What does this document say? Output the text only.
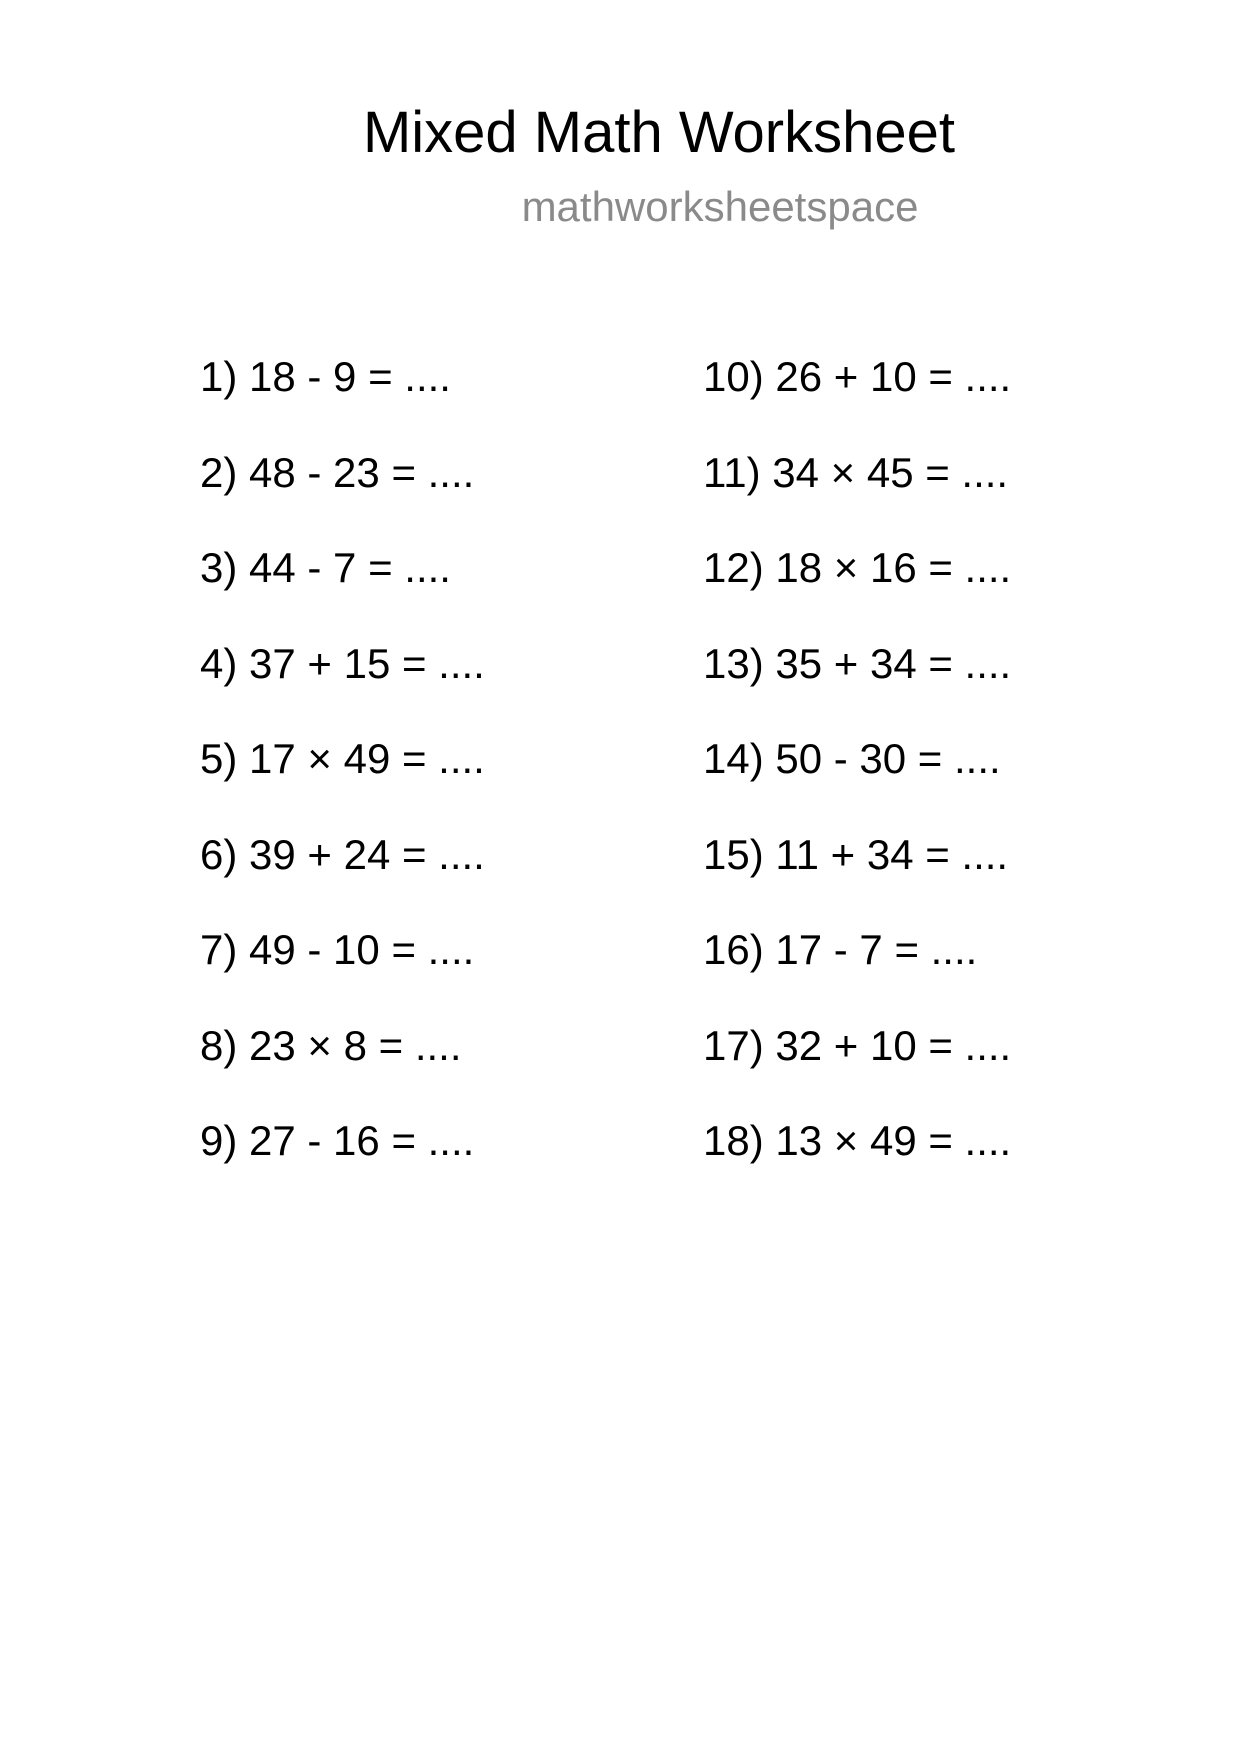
Mixed Math Worksheet
mathworksheetspace
1) 18 - 9 = ....
2) 48 - 23 = ....
3) 44 - 7 = ....
4) 37 + 15 = ....
5) 17 × 49 = ....
6) 39 + 24 = ....
7) 49 - 10 = ....
8) 23 × 8 = ....
9) 27 - 16 = ....
10) 26 + 10 = ....
11) 34 × 45 = ....
12) 18 × 16 = ....
13) 35 + 34 = ....
14) 50 - 30 = ....
15) 11 + 34 = ....
16) 17 - 7 = ....
17) 32 + 10 = ....
18) 13 × 49 = ....
